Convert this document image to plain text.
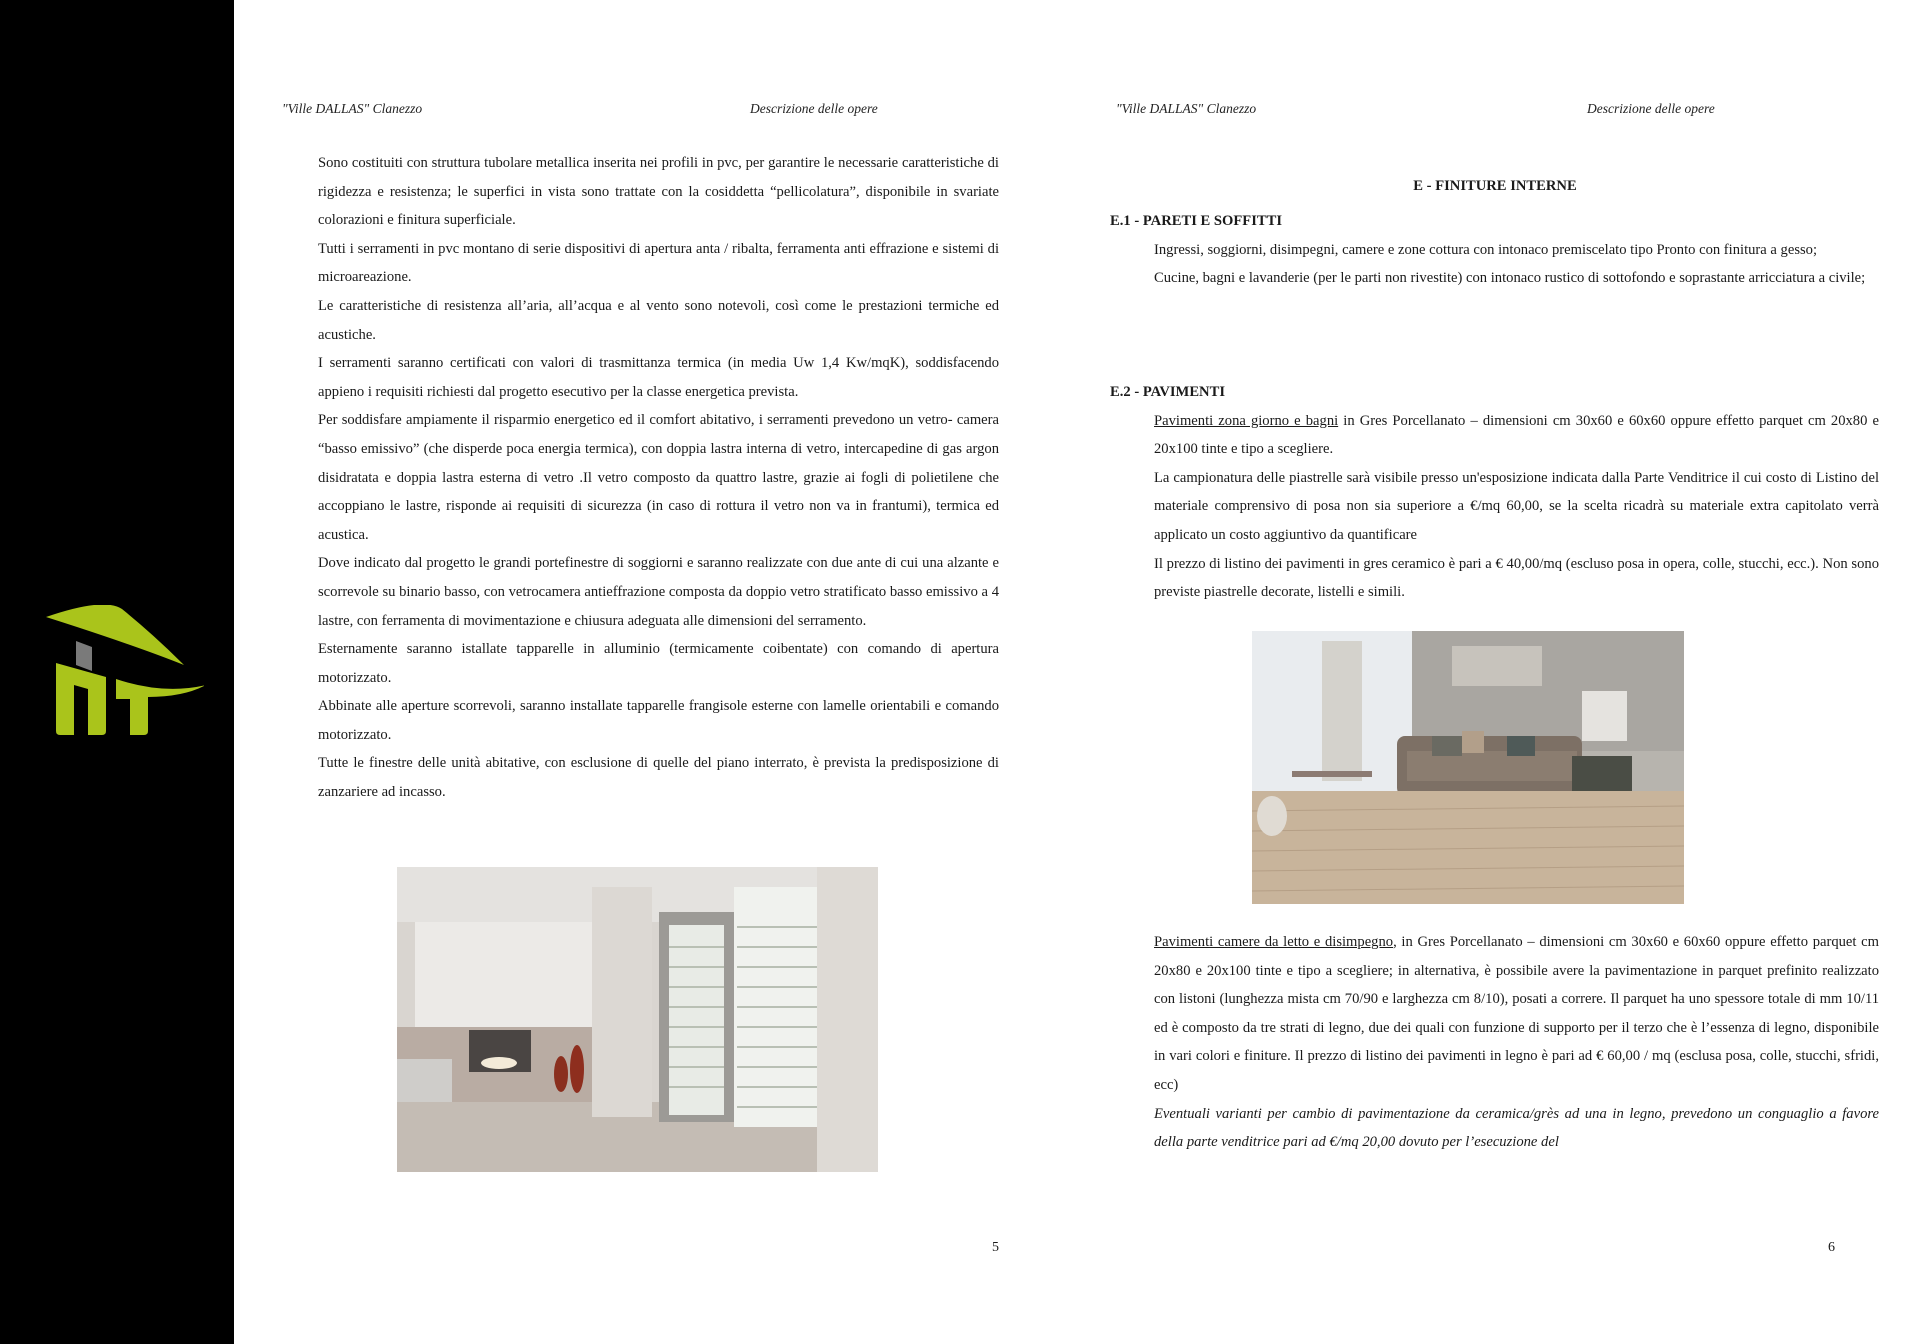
"Ville DALLAS" Clanezzo	Descrizione delle opere

Sono costituiti con struttura tubolare metallica inserita nei profili in pvc, per garantire le necessarie caratteristiche di rigidezza e resistenza; le superfici in vista sono trattate con la cosiddetta “pellicolatura”, disponibile in svariate colorazioni e finitura superficiale.

Tutti i serramenti in pvc montano di serie dispositivi di apertura anta / ribalta, ferramenta anti effrazione e sistemi di microareazione.

Le caratteristiche di resistenza all’aria, all’acqua e al vento sono notevoli, così come le prestazioni termiche ed acustiche.

I serramenti saranno certificati con valori di trasmittanza termica (in media Uw 1,4 Kw/mqK), soddisfacendo appieno i requisiti richiesti dal progetto esecutivo per la classe energetica prevista.

Per soddisfare ampiamente il risparmio energetico ed il comfort abitativo, i serramenti prevedono un vetro- camera “basso emissivo” (che disperde poca energia termica), con doppia lastra interna di vetro, intercapedine di gas argon disidratata e doppia lastra esterna di vetro .Il vetro composto da quattro lastre, grazie ai fogli di polietilene che accoppiano le lastre, risponde ai requisiti di sicurezza (in caso di rottura il vetro non va in frantumi), termica ed acustica.

Dove indicato dal progetto le grandi portefinestre di soggiorni e saranno realizzate con due ante di cui una alzante e scorrevole su binario basso, con vetrocamera antieffrazione composta da doppio vetro stratificato basso emissivo a 4 lastre, con ferramenta di movimentazione e chiusura adeguata alle dimensioni del serramento.

Esternamente saranno istallate tapparelle in alluminio (termicamente coibentate) con comando di apertura motorizzato.

Abbinate alle aperture scorrevoli, saranno installate tapparelle frangisole esterne con lamelle orientabili e comando motorizzato.

Tutte le finestre delle unità abitative, con esclusione di quelle del piano interrato, è prevista la predisposizione di zanzariere ad incasso.

5
"Ville DALLAS" Clanezzo	Descrizione delle opere
E - FINITURE INTERNE

E.1 - PARETI E SOFFITTI

Ingressi, soggiorni, disimpegni, camere e zone cottura con intonaco premiscelato tipo Pronto con finitura a gesso;

Cucine, bagni e lavanderie (per le parti non rivestite) con intonaco rustico di sottofondo e soprastante arricciatura a civile;

E.2 - PAVIMENTI

Pavimenti zona giorno e bagni in Gres Porcellanato – dimensioni cm 30x60 e 60x60 oppure effetto parquet cm 20x80 e 20x100 tinte e tipo a scegliere.

La campionatura delle piastrelle sarà visibile presso un'esposizione indicata dalla Parte Venditrice il cui costo di Listino del materiale comprensivo di posa non sia superiore a €/mq 60,00, se la scelta ricadrà su materiale extra capitolato verrà applicato un costo aggiuntivo da quantificare

Il prezzo di listino dei pavimenti in gres ceramico è pari a € 40,00/mq (escluso posa in opera, colle, stucchi, ecc.). Non sono previste piastrelle decorate, listelli e simili.

Pavimenti camere da letto e disimpegno, in Gres Porcellanato – dimensioni cm 30x60 e 60x60 oppure effetto parquet cm 20x80 e 20x100 tinte e tipo a scegliere; in alternativa, è possibile avere la pavimentazione in parquet prefinito realizzato con listoni (lunghezza mista cm 70/90 e larghezza cm 8/10), posati a correre. Il parquet ha uno spessore totale di mm 10/11 ed è composto da tre strati di legno, due dei quali con funzione di supporto per il terzo che è l’essenza di legno, disponibile in vari colori e finiture. Il prezzo di listino dei pavimenti in legno è pari ad € 60,00 / mq (esclusa posa, colle, stucchi, sfridi, ecc)

Eventuali varianti per cambio di pavimentazione da ceramica/grès ad una in legno, prevedono un conguaglio a favore della parte venditrice pari ad €/mq 20,00 dovuto per l’esecuzione del

6
